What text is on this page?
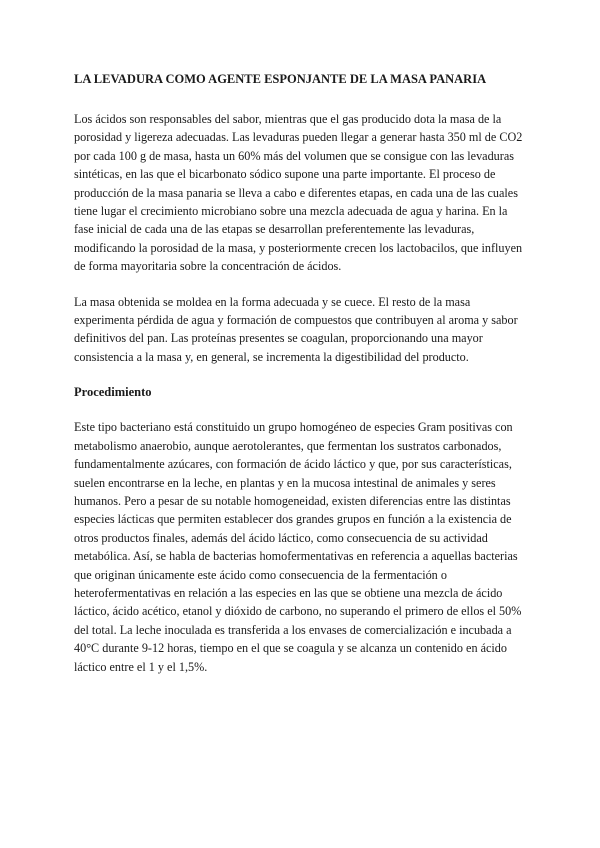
LA LEVADURA COMO AGENTE ESPONJANTE DE LA MASA PANARIA

Los ácidos son responsables del sabor, mientras que el gas producido dota la masa de la porosidad y ligereza adecuadas. Las levaduras pueden llegar a generar hasta 350 ml de CO2 por cada 100 g de masa, hasta un 60% más del volumen que se consigue con las levaduras sintéticas, en las que el bicarbonato sódico supone una parte importante. El proceso de producción de la masa panaria se lleva a cabo e diferentes etapas, en cada una de las cuales tiene lugar el crecimiento microbiano sobre una mezcla adecuada de agua y harina. En la fase inicial de cada una de las etapas se desarrollan preferentemente las levaduras, modificando la porosidad de la masa, y posteriormente crecen los lactobacilos, que influyen de forma mayoritaria sobre la concentración de ácidos.

La masa obtenida se moldea en la forma adecuada y se cuece. El resto de la masa experimenta pérdida de agua y formación de compuestos que contribuyen al aroma y sabor definitivos del pan. Las proteínas presentes se coagulan, proporcionando una mayor consistencia a la masa y, en general, se incrementa la digestibilidad del producto.

Procedimiento

Este tipo bacteriano está constituido un grupo homogéneo de especies Gram positivas con metabolismo anaerobio, aunque aerotolerantes, que fermentan los sustratos carbonados, fundamentalmente azúcares, con formación de ácido láctico y que, por sus características, suelen encontrarse en la leche, en plantas y en la mucosa intestinal de animales y seres humanos. Pero a pesar de su notable homogeneidad, existen diferencias entre las distintas especies lácticas que permiten establecer dos grandes grupos en función a la existencia de otros productos finales, además del ácido láctico, como consecuencia de su actividad metabólica. Así, se habla de bacterias homofermentativas en referencia a aquellas bacterias que originan únicamente este ácido como consecuencia de la fermentación o heterofermentativas en relación a las especies en las que se obtiene una mezcla de ácido láctico, ácido acético, etanol y dióxido de carbono, no superando el primero de ellos el 50% del total. La leche inoculada es transferida a los envases de comercialización e incubada a 40°C durante 9-12 horas, tiempo en el que se coagula y se alcanza un contenido en ácido láctico entre el 1 y el 1,5%.
